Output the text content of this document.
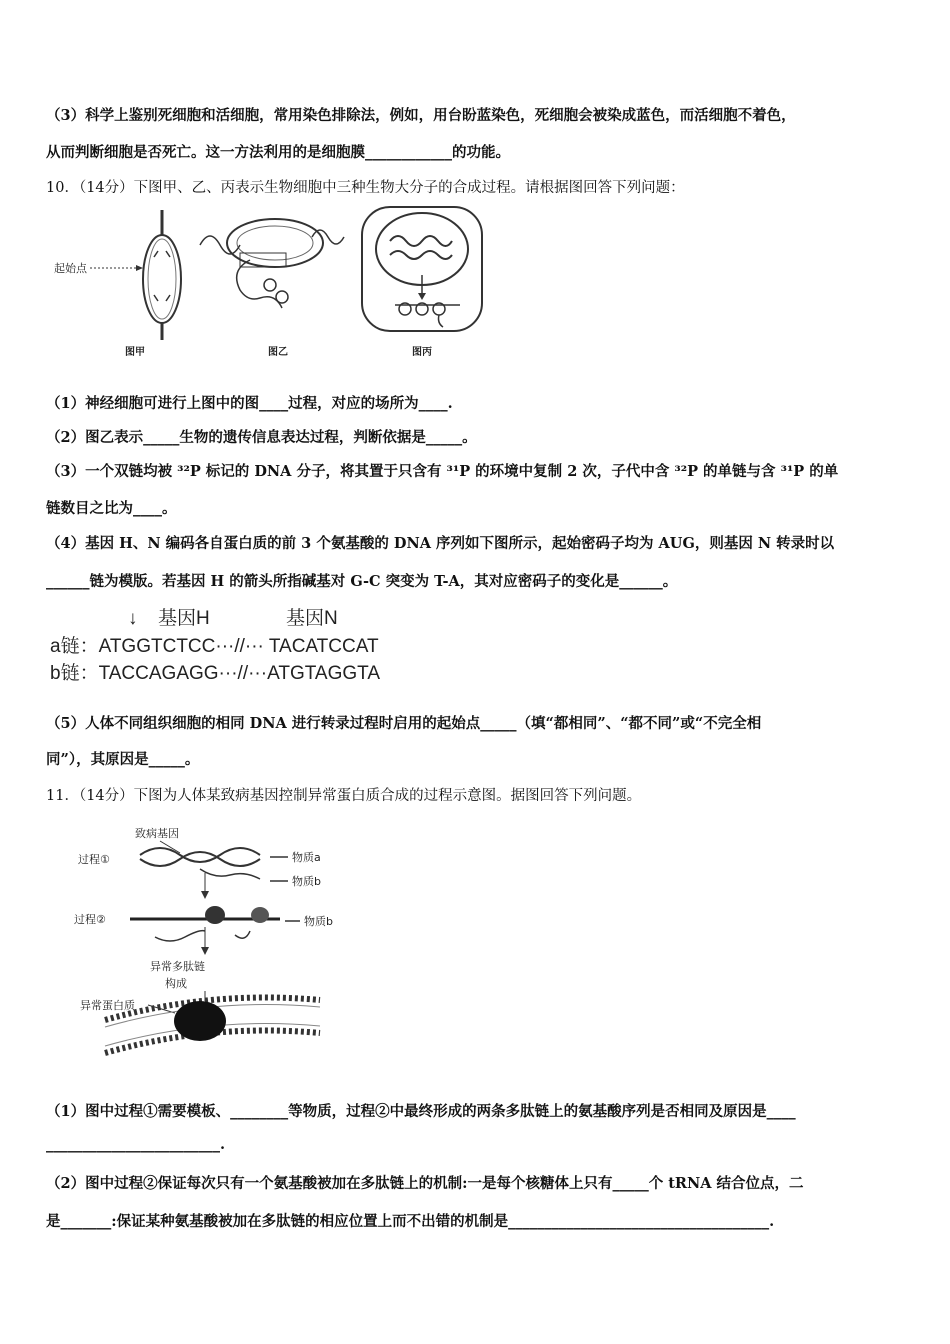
（3）科学上鉴别死细胞和活细胞，常用染色排除法，例如，用台盼蓝染色，死细胞会被染成蓝色，而活细胞不着色，
从而判断细胞是否死亡。这一方法利用的是细胞膜____________的功能。
10．（14分）下图甲、乙、丙表示生物细胞中三种生物大分子的合成过程。请根据图回答下列问题：
起始点
图甲	图乙	图丙
（1）神经细胞可进行上图中的图____过程，对应的场所为____.
（2）图乙表示_____生物的遗传信息表达过程，判断依据是_____。
（3）一个双链均被 ³²P 标记的 DNA 分子，将其置于只含有 ³¹P 的环境中复制 2 次，子代中含 ³²P 的单链与含 ³¹P 的单
链数目之比为____。
（4）基因 H、N 编码各自蛋白质的前 3 个氨基酸的 DNA 序列如下图所示，起始密码子均为 AUG，则基因 N 转录时以
______链为模版。若基因 H 的箭头所指碱基对 G-C 突变为 T-A，其对应密码子的变化是______。
↓ 基因H	基因N
a链：ATGGTCTCC···//··· TACATCCAT
b链：TACCAGAGG···//···ATGTAGGTA
（5）人体不同组织细胞的相同 DNA 进行转录过程时启用的起始点_____（填“都相同”、“都不同”或“不完全相
同”），其原因是_____。
11．（14分）下图为人体某致病基因控制异常蛋白质合成的过程示意图。据图回答下列问题。
致病基因
过程①	物质a
物质b
过程②	物质b
异常多肽链
构成
异常蛋白质
（1）图中过程①需要模板、________等物质，过程②中最终形成的两条多肽链上的氨基酸序列是否相同及原因是____
________________________.
（2）图中过程②保证每次只有一个氨基酸被加在多肽链上的机制:一是每个核糖体上只有_____个 tRNA 结合位点，二
是_______:保证某种氨基酸被加在多肽链的相应位置上而不出错的机制是____________________________________.
